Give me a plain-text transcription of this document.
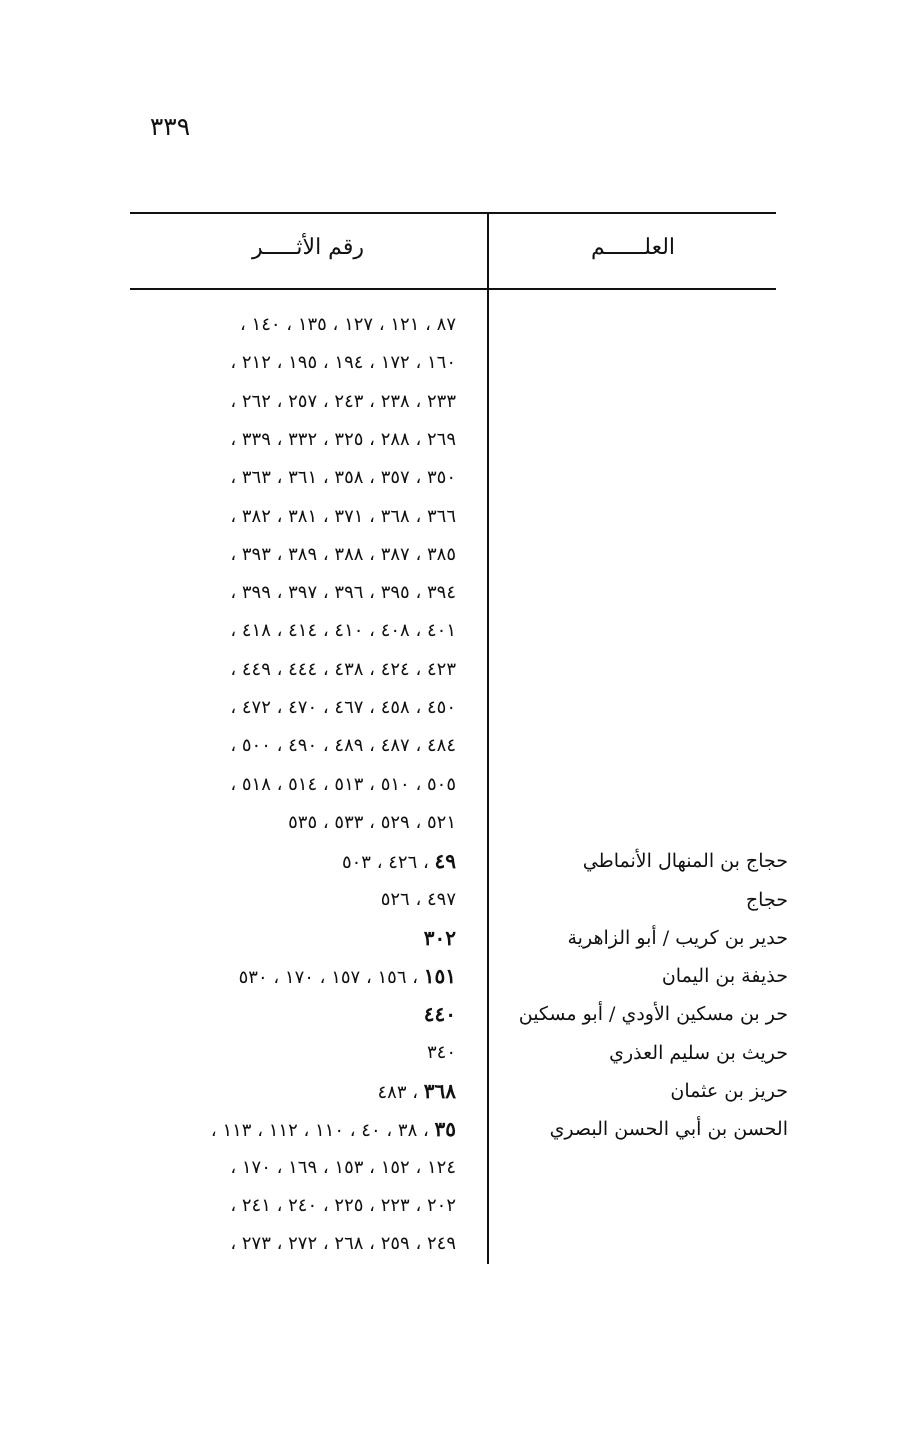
٣٣٩
العلــــــم
رقم الأثـــــر
٨٧ ، ١٢١ ، ١٢٧ ، ١٣٥ ، ١٤٠ ،
١٦٠ ، ١٧٢ ، ١٩٤ ، ١٩٥ ، ٢١٢ ،
٢٣٣ ، ٢٣٨ ، ٢٤٣ ، ٢٥٧ ، ٢٦٢ ،
٢٦٩ ، ٢٨٨ ، ٣٢٥ ، ٣٣٢ ، ٣٣٩ ،
٣٥٠ ، ٣٥٧ ، ٣٥٨ ، ٣٦١ ، ٣٦٣ ،
٣٦٦ ، ٣٦٨ ، ٣٧١ ، ٣٨١ ، ٣٨٢ ،
٣٨٥ ، ٣٨٧ ، ٣٨٨ ، ٣٨٩ ، ٣٩٣ ،
٣٩٤ ، ٣٩٥ ، ٣٩٦ ، ٣٩٧ ، ٣٩٩ ،
٤٠١ ، ٤٠٨ ، ٤١٠ ، ٤١٤ ، ٤١٨ ،
٤٢٣ ، ٤٢٤ ، ٤٣٨ ، ٤٤٤ ، ٤٤٩ ،
٤٥٠ ، ٤٥٨ ، ٤٦٧ ، ٤٧٠ ، ٤٧٢ ،
٤٨٤ ، ٤٨٧ ، ٤٨٩ ، ٤٩٠ ، ٥٠٠ ،
٥٠٥ ، ٥١٠ ، ٥١٣ ، ٥١٤ ، ٥١٨ ،
٥٢١ ، ٥٢٩ ، ٥٣٣ ، ٥٣٥
حجاج بن المنهال الأنماطي
٤٩ ، ٤٢٦ ، ٥٠٣
حجاج
٤٩٧ ، ٥٢٦
حدير بن كريب / أبو الزاهرية
٣٠٢
حذيفة بن اليمان
١٥١ ، ١٥٦ ، ١٥٧ ، ١٧٠ ، ٥٣٠
حر بن مسكين الأودي / أبو مسكين
٤٤٠
حريث بن سليم العذري
٣٤٠
حريز بن عثمان
٣٦٨ ، ٤٨٣
الحسن بن أبي الحسن البصري
٣٥ ، ٣٨ ، ٤٠ ، ١١٠ ، ١١٢ ، ١١٣ ،
١٢٤ ، ١٥٢ ، ١٥٣ ، ١٦٩ ، ١٧٠ ،
٢٠٢ ، ٢٢٣ ، ٢٢٥ ، ٢٤٠ ، ٢٤١ ،
٢٤٩ ، ٢٥٩ ، ٢٦٨ ، ٢٧٢ ، ٢٧٣ ،
